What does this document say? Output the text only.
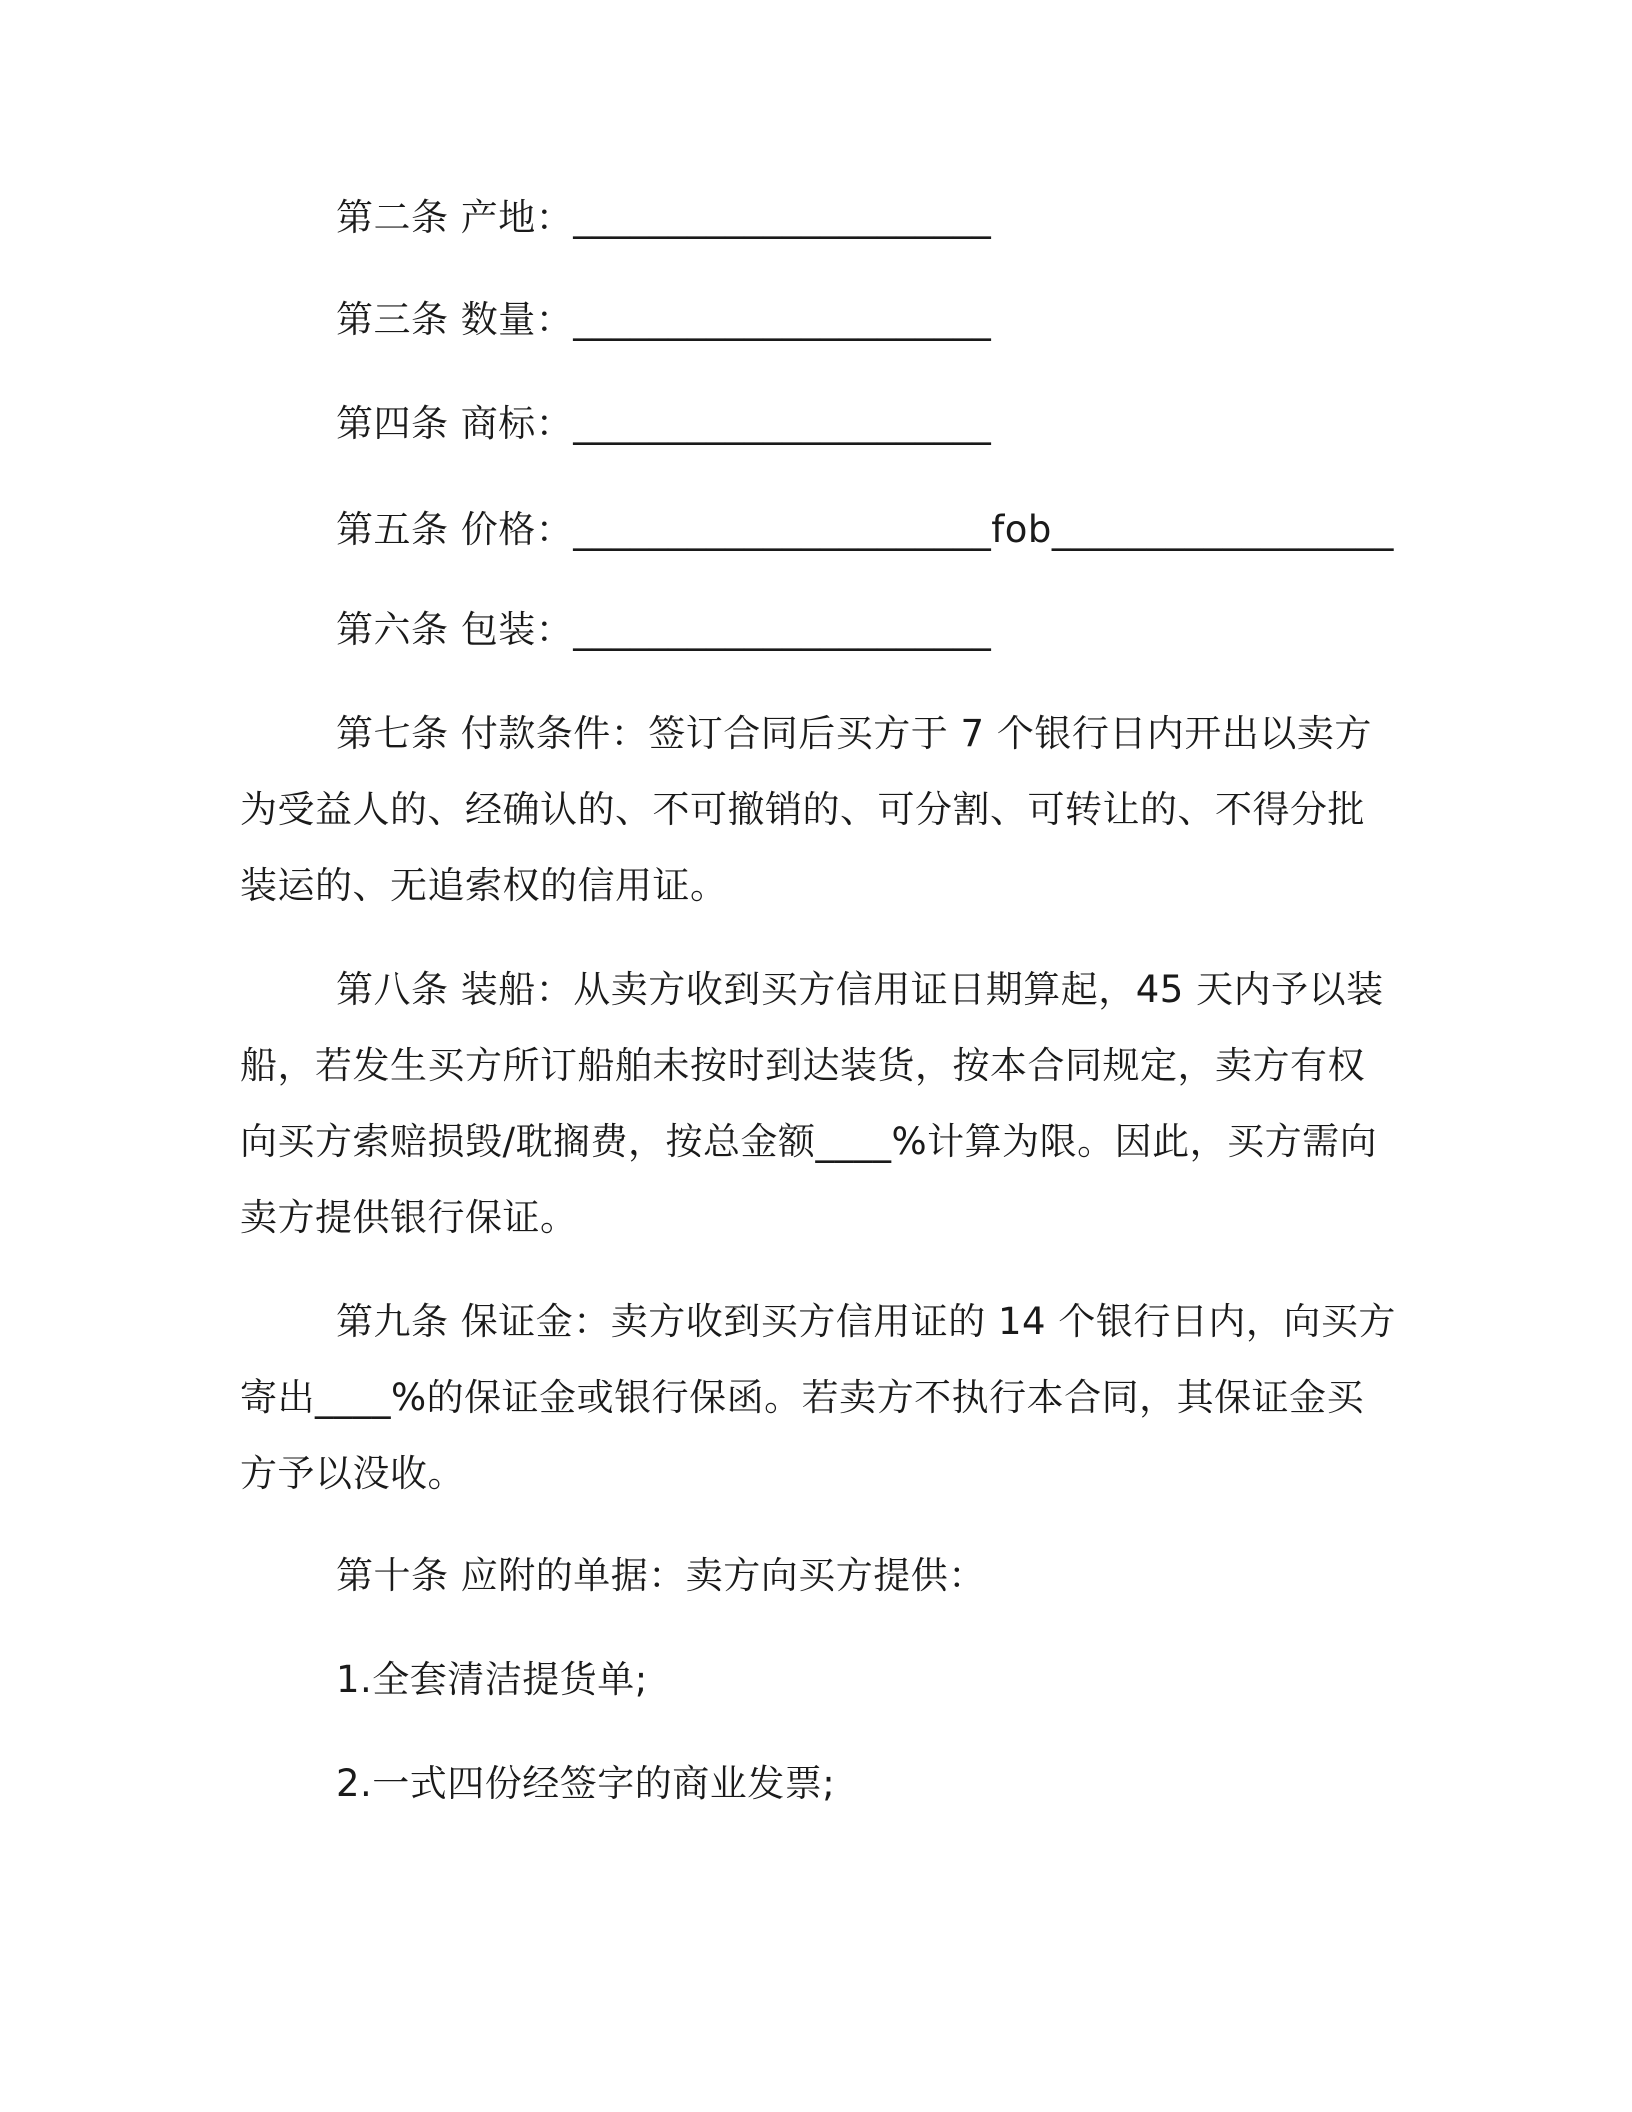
第二条 产地：______________________
第三条 数量：______________________
第四条 商标：______________________
第五条 价格：______________________fob__________________
第六条 包装：______________________
第七条 付款条件：签订合同后买方于 7 个银行日内开出以卖方
为受益人的、经确认的、不可撤销的、可分割、可转让的、不得分批
装运的、无追索权的信用证。
第八条 装船：从卖方收到买方信用证日期算起，45 天内予以装
船，若发生买方所订船舶未按时到达装货，按本合同规定，卖方有权
向买方索赔损毁/耽搁费，按总金额____%计算为限。因此，买方需向
卖方提供银行保证。
第九条 保证金：卖方收到买方信用证的 14 个银行日内，向买方
寄出____%的保证金或银行保函。若卖方不执行本合同，其保证金买
方予以没收。
第十条 应附的单据：卖方向买方提供：
1.全套清洁提货单;
2.一式四份经签字的商业发票;
